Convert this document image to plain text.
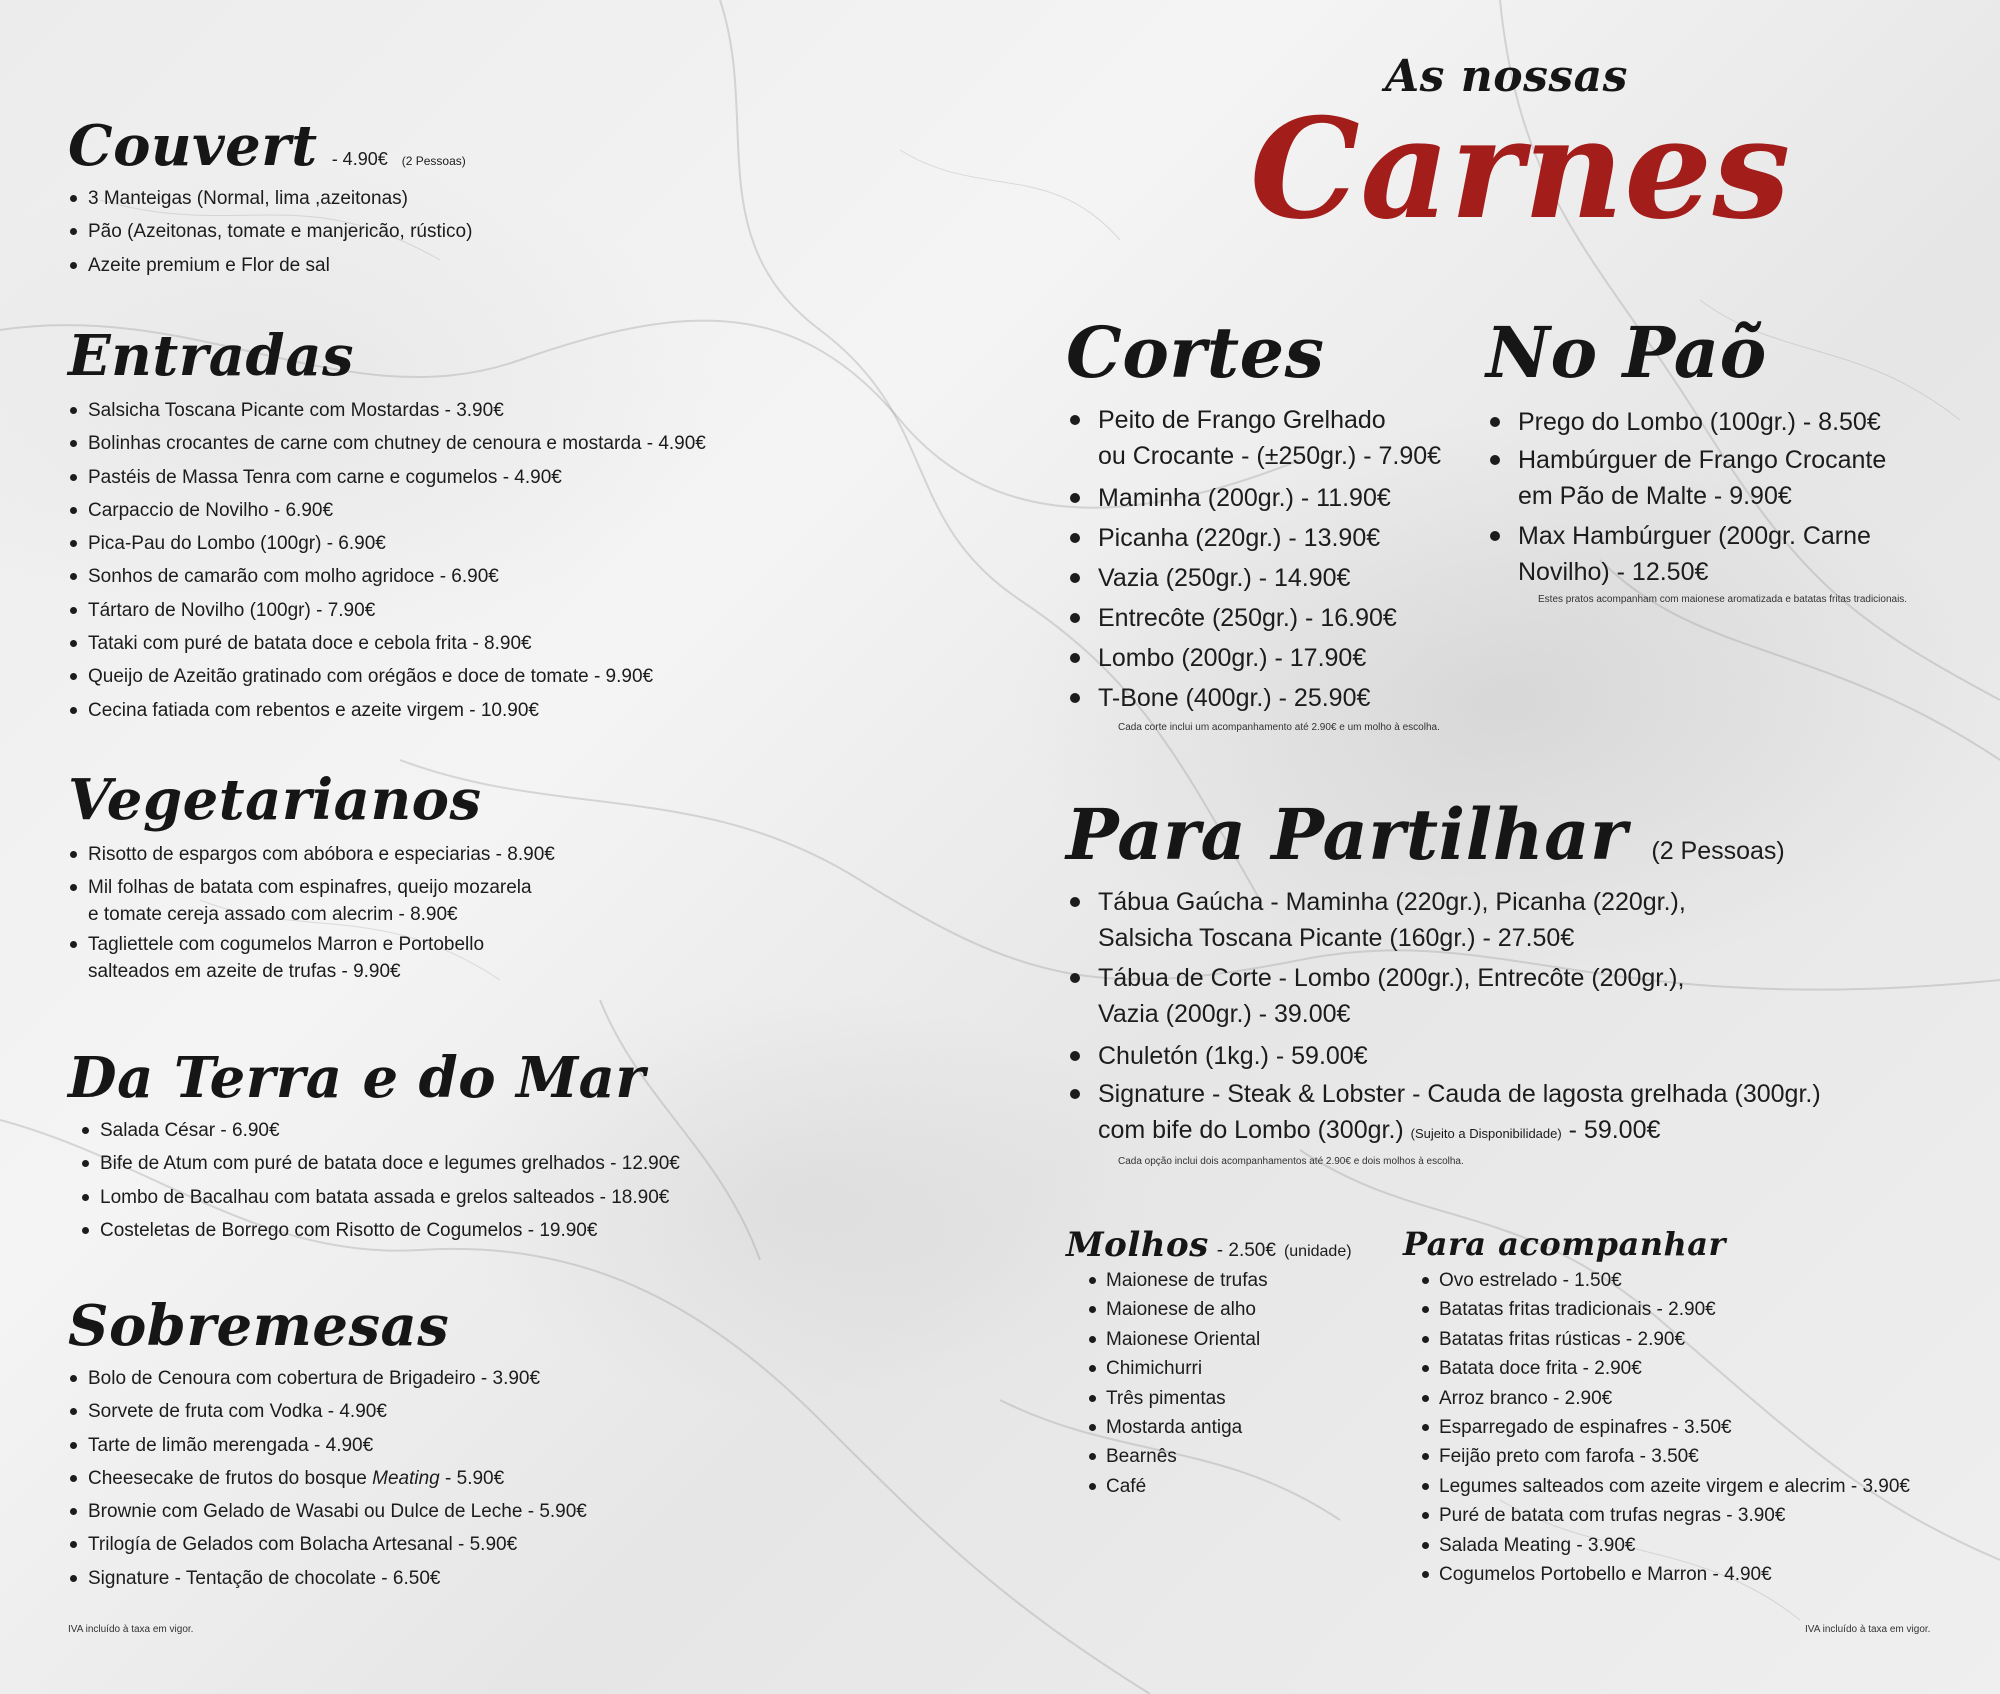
As nossas
Carnes
Couvert - 4.90€ (2 Pessoas)
3 Manteigas (Normal, lima ,azeitonas)
Pão (Azeitonas, tomate e manjericão, rústico)
Azeite premium e Flor de sal
Entradas
Salsicha Toscana Picante com Mostardas - 3.90€
Bolinhas crocantes de carne com chutney de cenoura e mostarda - 4.90€
Pastéis de Massa Tenra com carne e cogumelos - 4.90€
Carpaccio de Novilho - 6.90€
Pica-Pau do Lombo (100gr) - 6.90€
Sonhos de camarão com molho agridoce - 6.90€
Tártaro de Novilho (100gr) - 7.90€
Tataki com puré de batata doce e cebola frita - 8.90€
Queijo de Azeitão gratinado com orégãos e doce de tomate - 9.90€
Cecina fatiada com rebentos e azeite virgem - 10.90€
Vegetarianos
Risotto de espargos com abóbora e especiarias - 8.90€
Mil folhas de batata com espinafres, queijo mozarela
e tomate cereja assado com alecrim - 8.90€
Tagliettele com cogumelos Marron e Portobello
salteados em azeite de trufas - 9.90€
Da Terra e do Mar
Salada César - 6.90€
Bife de Atum com puré de batata doce e legumes grelhados - 12.90€
Lombo de Bacalhau com batata assada e grelos salteados - 18.90€
Costeletas de Borrego com Risotto de Cogumelos - 19.90€
Sobremesas
Bolo de Cenoura com cobertura de Brigadeiro - 3.90€
Sorvete de fruta com Vodka - 4.90€
Tarte de limão merengada - 4.90€
Cheesecake de frutos do bosque Meating - 5.90€
Brownie com Gelado de Wasabi ou Dulce de Leche - 5.90€
Trilogía de Gelados com Bolacha Artesanal - 5.90€
Signature - Tentação de chocolate - 6.50€
IVA incluído à taxa em vigor.	IVA incluído à taxa em vigor.
Cortes
Peito de Frango Grelhado
ou Crocante - (±250gr.) - 7.90€
Maminha (200gr.) - 11.90€
Picanha (220gr.) - 13.90€
Vazia (250gr.) - 14.90€
Entrecôte (250gr.) - 16.90€
Lombo (200gr.) - 17.90€
T-Bone (400gr.) - 25.90€
Cada corte inclui um acompanhamento até 2.90€ e um molho à escolha.
No Paõ
Prego do Lombo (100gr.) - 8.50€
Hambúrguer de Frango Crocante
em Pão de Malte - 9.90€
Max Hambúrguer (200gr. Carne
Novilho) - 12.50€
Estes pratos acompanham com maionese aromatizada e batatas fritas tradicionais.
Para Partilhar (2 Pessoas)
Tábua Gaúcha - Maminha (220gr.), Picanha (220gr.),
Salsicha Toscana Picante (160gr.) - 27.50€
Tábua de Corte - Lombo (200gr.), Entrecôte (200gr.),
Vazia (200gr.) - 39.00€
Chuletón (1kg.) - 59.00€
Signature - Steak & Lobster - Cauda de lagosta grelhada (300gr.)
com bife do Lombo (300gr.) (Sujeito a Disponibilidade) - 59.00€
Cada opção inclui dois acompanhamentos até 2.90€ e dois molhos à escolha.
Molhos - 2.50€ (unidade)
Maionese de trufas
Maionese de alho
Maionese Oriental
Chimichurri
Três pimentas
Mostarda antiga
Bearnês
Café
Para acompanhar
Ovo estrelado - 1.50€
Batatas fritas tradicionais - 2.90€
Batatas fritas rústicas - 2.90€
Batata doce frita - 2.90€
Arroz branco - 2.90€
Esparregado de espinafres - 3.50€
Feijão preto com farofa - 3.50€
Legumes salteados com azeite virgem e alecrim - 3.90€
Puré de batata com trufas negras - 3.90€
Salada Meating - 3.90€
Cogumelos Portobello e Marron - 4.90€
